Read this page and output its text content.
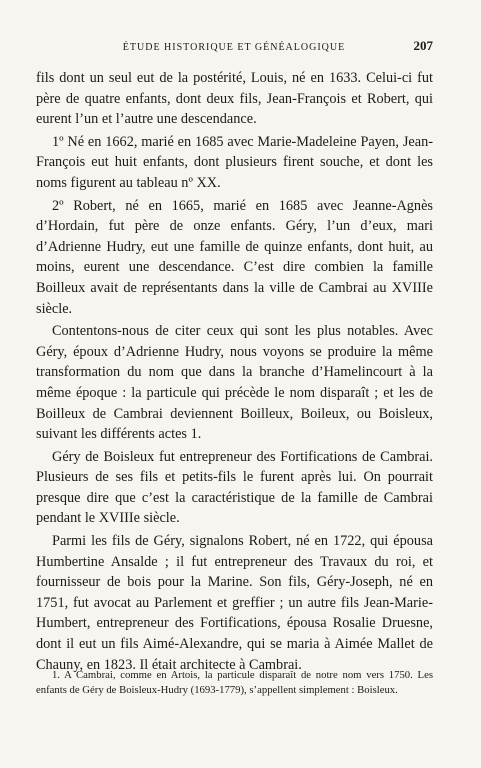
ÉTUDE HISTORIQUE ET GÉNÉALOGIQUE	207

fils dont un seul eut de la postérité, Louis, né en 1633. Celui-ci fut père de quatre enfants, dont deux fils, Jean-François et Robert, qui eurent l’un et l’autre une descendance.

1º Né en 1662, marié en 1685 avec Marie-Madeleine Payen, Jean-François eut huit enfants, dont plusieurs firent souche, et dont les noms figurent au tableau nº XX.

2º Robert, né en 1665, marié en 1685 avec Jeanne-Agnès d’Hordain, fut père de onze enfants. Géry, l’un d’eux, mari d’Adrienne Hudry, eut une famille de quinze enfants, dont huit, au moins, eurent une descendance. C’est dire combien la famille Boilleux avait de représentants dans la ville de Cambrai au XVIIIe siècle.

Contentons-nous de citer ceux qui sont les plus notables. Avec Géry, époux d’Adrienne Hudry, nous voyons se produire la même transformation du nom que dans la branche d’Hamelincourt à la même époque : la particule qui précède le nom disparaît ; et les de Boilleux de Cambrai deviennent Boilleux, Boileux, ou Boisleux, suivant les différents actes 1.

Géry de Boisleux fut entrepreneur des Fortifications de Cambrai. Plusieurs de ses fils et petits-fils le furent après lui. On pourrait presque dire que c’est la caractéristique de la famille de Cambrai pendant le XVIIIe siècle.

Parmi les fils de Géry, signalons Robert, né en 1722, qui épousa Humbertine Ansalde ; il fut entrepreneur des Travaux du roi, et fournisseur de bois pour la Marine. Son fils, Géry-Joseph, né en 1751, fut avocat au Parlement et greffier ; un autre fils Jean-Marie-Humbert, entrepreneur des Fortifications, épousa Rosalie Druesne, dont il eut un fils Aimé-Alexandre, qui se maria à Aimée Mallet de Chauny, en 1823. Il était architecte à Cambrai.

1. A Cambrai, comme en Artois, la particule disparaît de notre nom vers 1750. Les enfants de Géry de Boisleux-Hudry (1693-1779), s’appellent simplement : Boisleux.
